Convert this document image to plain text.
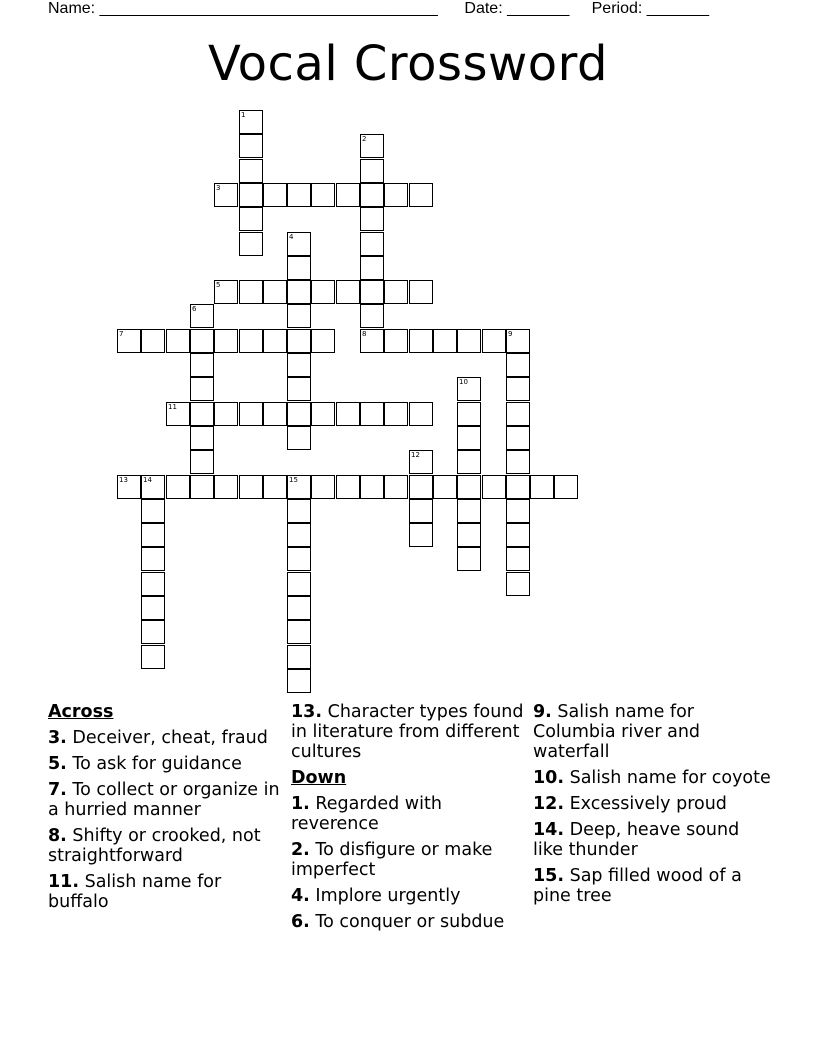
Name: ______________________________________ Date: _______ Period: _______
Vocal Crossword
1
2
8
3
4
5
6
7	9
10
11
12
13 14	15
Across
3. Deceiver, cheat, fraud
5. To ask for guidance
7. To collect or organize in a hurried manner
8. Shifty or crooked, not straightforward
11. Salish name for buffalo
13. Character types found in literature from different cultures
Down
1. Regarded with reverence
2. To disfigure or make imperfect
4. Implore urgently
6. To conquer or subdue
9. Salish name for Columbia river and waterfall
10. Salish name for coyote
12. Excessively proud
14. Deep, heave sound like thunder
15. Sap filled wood of a pine tree
